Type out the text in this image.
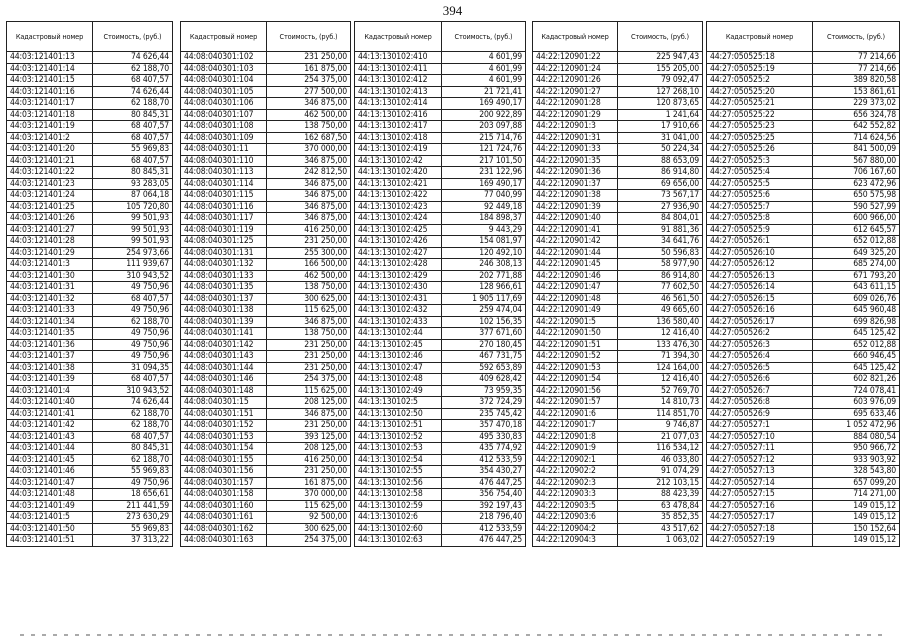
394
Кадастровый номер	Стоимость, (руб.)
44:03:121401:13	74 626,44
44:03:121401:14	62 188,70
44:03:121401:15	68 407,57
44:03:121401:16	74 626,44
44:03:121401:17	62 188,70
44:03:121401:18	80 845,31
44:03:121401:19	68 407,57
44:03:121401:2	68 407,57
44:03:121401:20	55 969,83
44:03:121401:21	68 407,57
44:03:121401:22	80 845,31
44:03:121401:23	93 283,05
44:03:121401:24	87 064,18
44:03:121401:25	105 720,80
44:03:121401:26	99 501,93
44:03:121401:27	99 501,93
44:03:121401:28	99 501,93
44:03:121401:29	254 973,66
44:03:121401:3	111 939,67
44:03:121401:30	310 943,52
44:03:121401:31	49 750,96
44:03:121401:32	68 407,57
44:03:121401:33	49 750,96
44:03:121401:34	62 188,70
44:03:121401:35	49 750,96
44:03:121401:36	49 750,96
44:03:121401:37	49 750,96
44:03:121401:38	31 094,35
44:03:121401:39	68 407,57
44:03:121401:4	310 943,52
44:03:121401:40	74 626,44
44:03:121401:41	62 188,70
44:03:121401:42	62 188,70
44:03:121401:43	68 407,57
44:03:121401:44	80 845,31
44:03:121401:45	62 188,70
44:03:121401:46	55 969,83
44:03:121401:47	49 750,96
44:03:121401:48	18 656,61
44:03:121401:49	211 441,59
44:03:121401:5	273 630,29
44:03:121401:50	55 969,83
44:03:121401:51	37 313,22
Кадастровый номер	Стоимость, (руб.)
44:08:040301:102	231 250,00
44:08:040301:103	161 875,00
44:08:040301:104	254 375,00
44:08:040301:105	277 500,00
44:08:040301:106	346 875,00
44:08:040301:107	462 500,00
44:08:040301:108	138 750,00
44:08:040301:109	162 687,50
44:08:040301:11	370 000,00
44:08:040301:110	346 875,00
44:08:040301:113	242 812,50
44:08:040301:114	346 875,00
44:08:040301:115	346 875,00
44:08:040301:116	346 875,00
44:08:040301:117	346 875,00
44:08:040301:119	416 250,00
44:08:040301:125	231 250,00
44:08:040301:131	255 300,00
44:08:040301:132	166 500,00
44:08:040301:133	462 500,00
44:08:040301:135	138 750,00
44:08:040301:137	300 625,00
44:08:040301:138	115 625,00
44:08:040301:139	346 875,00
44:08:040301:141	138 750,00
44:08:040301:142	231 250,00
44:08:040301:143	231 250,00
44:08:040301:144	231 250,00
44:08:040301:146	254 375,00
44:08:040301:148	115 625,00
44:08:040301:15	208 125,00
44:08:040301:151	346 875,00
44:08:040301:152	231 250,00
44:08:040301:153	393 125,00
44:08:040301:154	208 125,00
44:08:040301:155	416 250,00
44:08:040301:156	231 250,00
44:08:040301:157	161 875,00
44:08:040301:158	370 000,00
44:08:040301:160	115 625,00
44:08:040301:161	92 500,00
44:08:040301:162	300 625,00
44:08:040301:163	254 375,00
Кадастровый номер	Стоимость, (руб.)
44:13:130102:410	4 601,99
44:13:130102:411	4 601,99
44:13:130102:412	4 601,99
44:13:130102:413	21 721,41
44:13:130102:414	169 490,17
44:13:130102:416	200 922,89
44:13:130102:417	203 097,88
44:13:130102:418	215 714,76
44:13:130102:419	121 724,76
44:13:130102:42	217 101,50
44:13:130102:420	231 122,96
44:13:130102:421	169 490,17
44:13:130102:422	77 040,99
44:13:130102:423	92 449,18
44:13:130102:424	184 898,37
44:13:130102:425	9 443,29
44:13:130102:426	154 081,97
44:13:130102:427	120 492,10
44:13:130102:428	246 308,13
44:13:130102:429	202 771,88
44:13:130102:430	128 966,61
44:13:130102:431	1 905 117,69
44:13:130102:432	259 474,04
44:13:130102:433	102 156,35
44:13:130102:44	377 671,60
44:13:130102:45	270 180,45
44:13:130102:46	467 731,75
44:13:130102:47	592 653,89
44:13:130102:48	409 628,42
44:13:130102:49	73 959,35
44:13:130102:5	372 724,29
44:13:130102:50	235 745,42
44:13:130102:51	357 470,18
44:13:130102:52	495 330,83
44:13:130102:53	435 774,92
44:13:130102:54	412 533,59
44:13:130102:55	354 430,27
44:13:130102:56	476 447,25
44:13:130102:58	356 754,40
44:13:130102:59	392 197,43
44:13:130102:6	218 796,40
44:13:130102:60	412 533,59
44:13:130102:63	476 447,25
Кадастровый номер	Стоимость, (руб.)
44:22:120901:22	225 947,43
44:22:120901:24	155 205,00
44:22:120901:26	79 092,47
44:22:120901:27	127 268,10
44:22:120901:28	120 873,65
44:22:120901:29	1 241,64
44:22:120901:3	17 910,66
44:22:120901:31	31 041,00
44:22:120901:33	50 224,34
44:22:120901:35	88 653,09
44:22:120901:36	86 914,80
44:22:120901:37	69 656,00
44:22:120901:38	73 567,17
44:22:120901:39	27 936,90
44:22:120901:40	84 804,01
44:22:120901:41	91 881,36
44:22:120901:42	34 641,76
44:22:120901:44	50 596,83
44:22:120901:45	58 977,90
44:22:120901:46	86 914,80
44:22:120901:47	77 602,50
44:22:120901:48	46 561,50
44:22:120901:49	49 665,60
44:22:120901:5	136 580,40
44:22:120901:50	12 416,40
44:22:120901:51	133 476,30
44:22:120901:52	71 394,30
44:22:120901:53	124 164,00
44:22:120901:54	12 416,40
44:22:120901:56	52 769,70
44:22:120901:57	14 810,73
44:22:120901:6	114 851,70
44:22:120901:7	9 746,87
44:22:120901:8	21 077,03
44:22:120901:9	116 534,12
44:22:120902:1	46 033,80
44:22:120902:2	91 074,29
44:22:120902:3	212 103,15
44:22:120903:3	88 423,39
44:22:120903:5	63 478,84
44:22:120903:6	35 852,35
44:22:120904:2	43 517,62
44:22:120904:3	1 063,02
Кадастровый номер	Стоимость, (руб.)
44:27:050525:18	77 214,66
44:27:050525:19	77 214,66
44:27:050525:2	389 820,58
44:27:050525:20	153 861,61
44:27:050525:21	229 373,02
44:27:050525:22	656 324,78
44:27:050525:23	642 552,82
44:27:050525:25	714 624,56
44:27:050525:26	841 500,09
44:27:050525:3	567 880,00
44:27:050525:4	706 167,60
44:27:050525:5	623 472,96
44:27:050525:6	650 575,98
44:27:050525:7	590 527,99
44:27:050525:8	600 966,00
44:27:050525:9	612 645,57
44:27:050526:1	652 012,88
44:27:050526:10	649 325,20
44:27:050526:12	685 274,00
44:27:050526:13	671 793,20
44:27:050526:14	643 611,15
44:27:050526:15	609 026,76
44:27:050526:16	645 960,48
44:27:050526:17	699 826,98
44:27:050526:2	645 125,42
44:27:050526:3	652 012,88
44:27:050526:4	660 946,45
44:27:050526:5	645 125,42
44:27:050526:6	602 821,26
44:27:050526:7	724 078,41
44:27:050526:8	603 976,09
44:27:050526:9	695 633,46
44:27:050527:1	1 052 472,96
44:27:050527:10	884 080,54
44:27:050527:11	950 966,72
44:27:050527:12	933 903,92
44:27:050527:13	328 543,80
44:27:050527:14	657 099,20
44:27:050527:15	714 271,00
44:27:050527:16	149 015,12
44:27:050527:17	149 015,12
44:27:050527:18	150 152,64
44:27:050527:19	149 015,12
